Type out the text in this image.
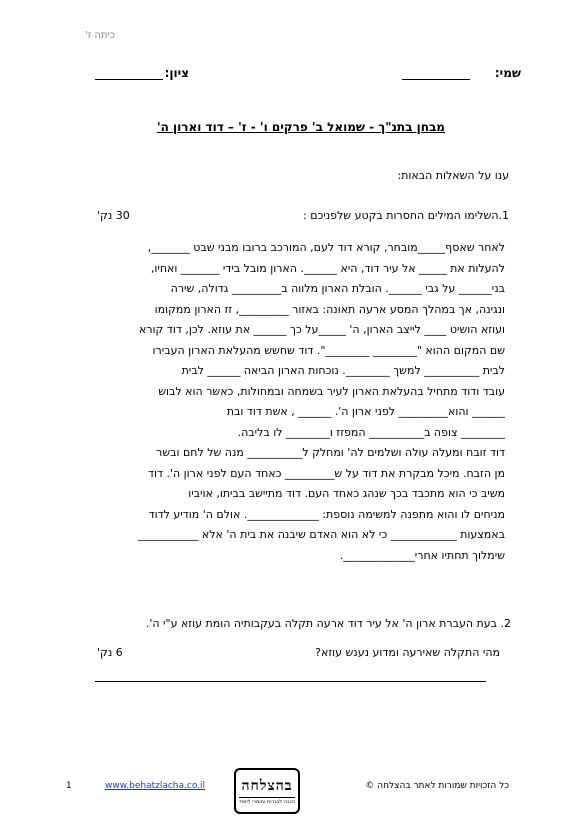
כיתה ז'
שמי:
ציון:
מבחן בתנ"ך - שמואל ב' פרקים ו' - ז' – דוד וארון ה'
ענו על השאלות הבאות:
1.השלימו המילים החסרות בקטע שלפניכם :
30 נק'
לאחר שאסף_____מובחר, קורא דוד לעם, המורכב ברובו מבני שבט _______,
להעלות את _____ אל עיר דוד, היא ______. הארון מובל בידי _______ ואחיו,
בני______ על גבי ______. הובלת הארון מלווה ב_________ גדולה, שירה
ונגינה, אך במהלך המסע ארעה תאונה: באזור _________, זז הארון ממקומו
ועוזא הושיט ____ לייצב הארון, ה' _____על כך ______ את עוזא. לכן, דוד קורא
שם המקום ההוא "________ ________". דוד שחשש מהעלאת הארון העבירו
לבית __________ למשך ________. נוכחות הארון הביאה ______ לבית
עובד ודוד מתחיל בהעלאת הארון לעיר בשמחה ובמחולות, כאשר הוא לבוש
______ והוא_________ לפני ארון ה'. ______ , אשת דוד ובת
________ צופה ב__________ המפזז ו________ לו בליבה.
דוד זובח ומעלה עולה ושלמים לה' ומחלק ל__________ מנה של לחם ובשר
מן הזבח. מיכל מבקרת את דוד על ש_________ כאחד העם לפני ארון ה'. דוד
משיב כי הוא מתכבד בכך שנהג כאחד העם. דוד מתיישב בביתו, אויביו
מניחים לו והוא מתפנה למשימה נוספת: _____________. אולם ה' מודיע לדוד
באמצעות ____________ כי לא הוא האדם שיבנה את בית ה' אלא ___________
שימלוך תחתיו אחרי_____________.
2. בעת העברת ארון ה' אל עיר דוד ארעה תקלה בעקבותיה הומת עוזא ע"י ה'.
מהי התקלה שאירעה ומדוע נענש עוזא?
6 נק'
1	www.behatzlacha.co.il	בהצלחה
הכנה לבגרות וחומרי לימוד
כל הזכויות שמורות לאתר בהצלחה ©
